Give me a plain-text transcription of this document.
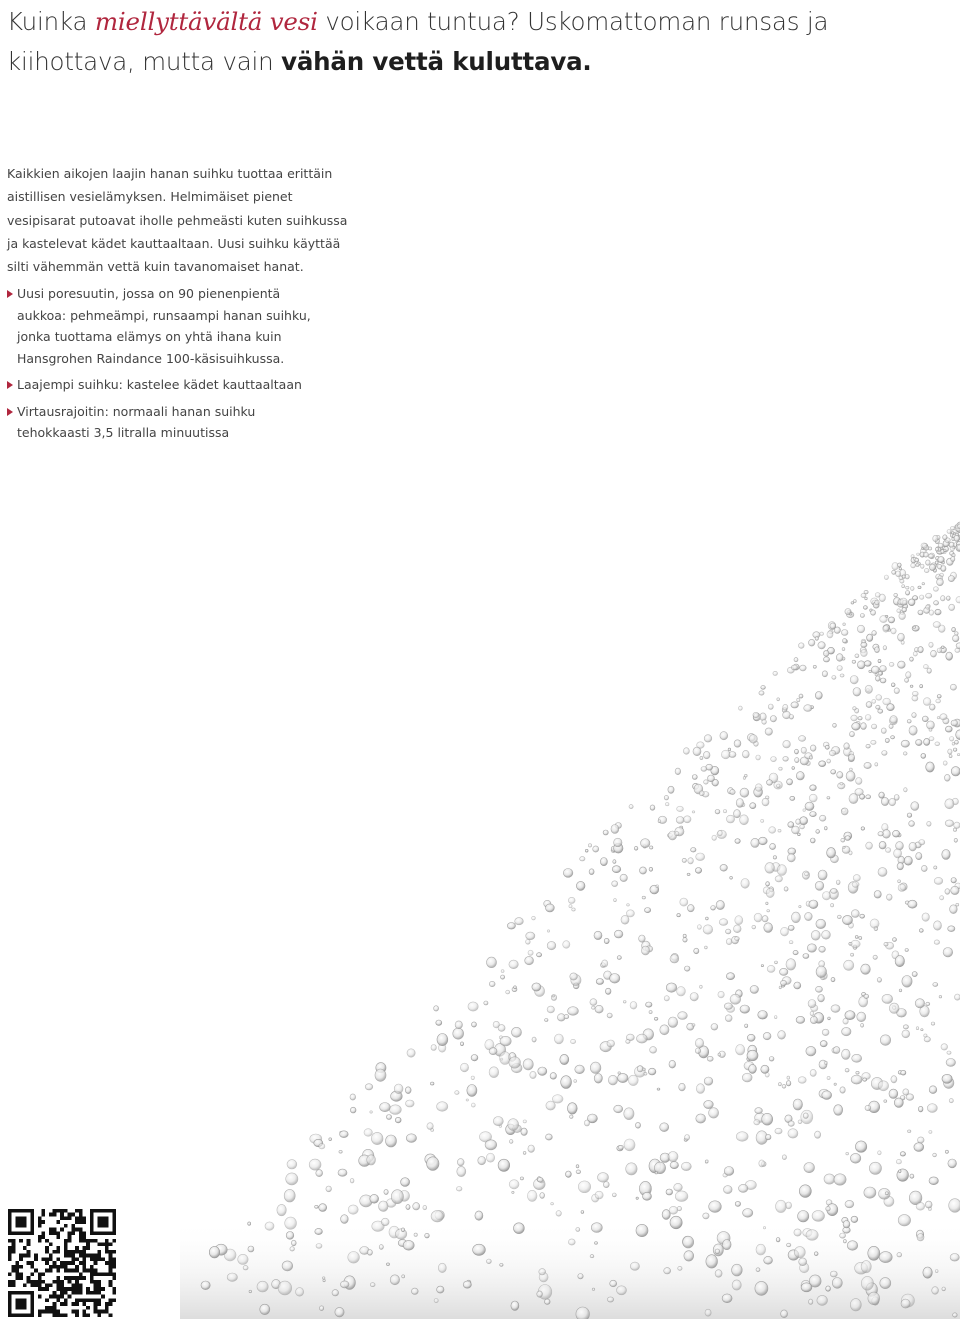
Kuinka miellyttävältä vesi voikaan tuntua? Uskomattoman runsas ja kiihottava, mutta vain vähän vettä kuluttava.

Kaikkien aikojen laajin hanan suihku tuottaa erittäin aistillisen vesielämyksen. Helmimäiset pienet vesipisarat putoavat iholle pehmeästi kuten suihkussa ja kastelevat kädet kauttaaltaan. Uusi suihku käyttää silti vähemmän vettä kuin tavanomaiset hanat.

Uusi poresuutin, jossa on 90 pienenpientä aukkoa: pehmeämpi, runsaampi hanan suihku, jonka tuottama elämys on yhtä ihana kuin Hansgrohen Raindance 100-käsisuihkussa.
Laajempi suihku: kastelee kädet kauttaaltaan
Virtausrajoitin: normaali hanan suihku tehokkaasti 3,5 litralla minuutissa
